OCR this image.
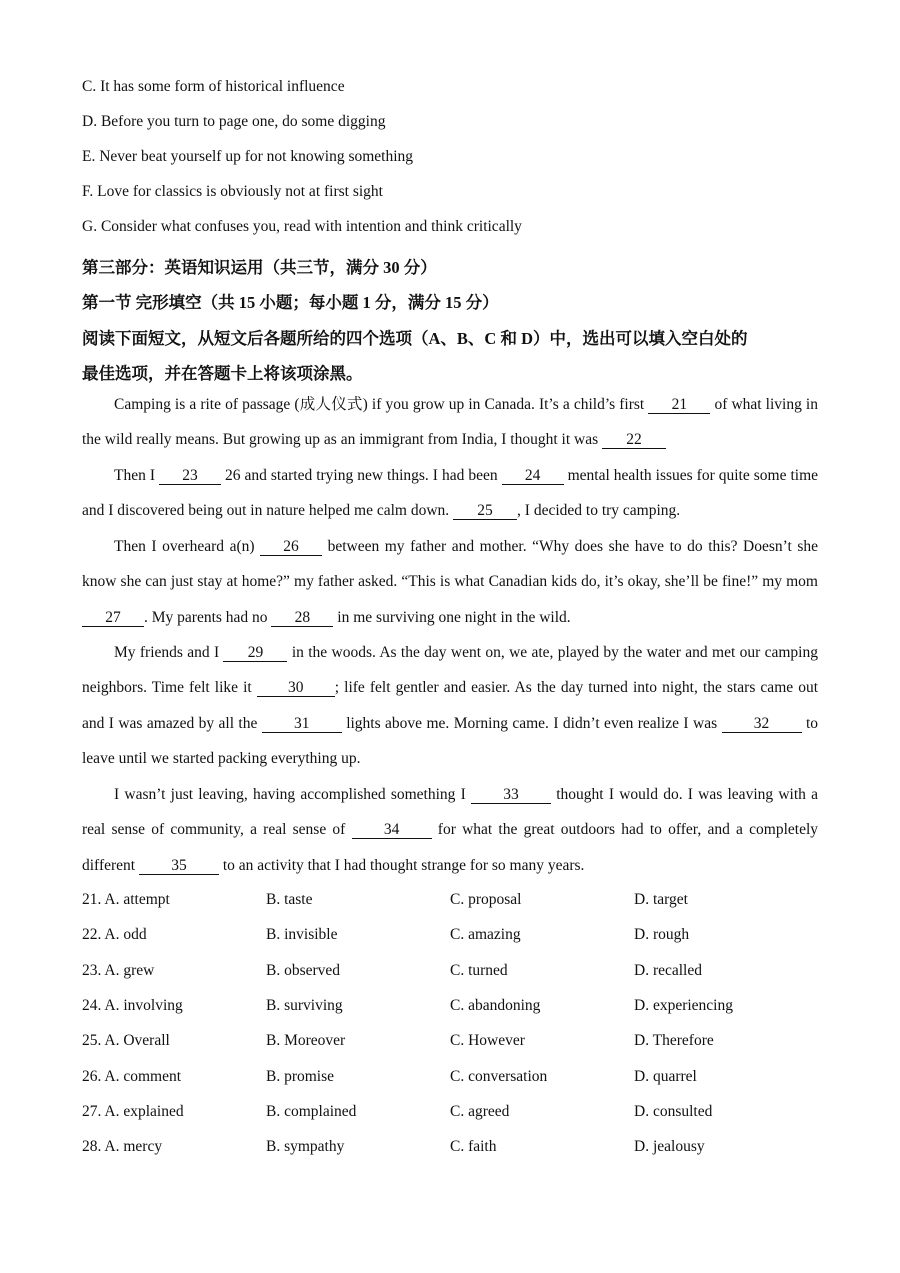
C. It has some form of historical influence
D. Before you turn to page one, do some digging
E. Never beat yourself up for not knowing something
F. Love for classics is obviously not at first sight
G. Consider what confuses you, read with intention and think critically
第三部分：英语知识运用（共三节，满分 30 分）
第一节 完形填空（共 15 小题；每小题 1 分，满分 15 分）
阅读下面短文，从短文后各题所给的四个选项（A、B、C 和 D）中，选出可以填入空白处的
最佳选项，并在答题卡上将该项涂黑。
Camping is a rite of passage (成人仪式) if you grow up in Canada. It’s a child’s first 21 of what living in the wild really means. But growing up as an immigrant from India, I thought it was 22
Then I 23 26 and started trying new things. I had been 24 mental health issues for quite some time and I discovered being out in nature helped me calm down. 25 , I decided to try camping.
Then I overheard a(n) 26 between my father and mother. “Why does she have to do this? Doesn’t she know she can just stay at home?” my father asked. “This is what Canadian kids do, it’s okay, she’ll be fine!” my mom 27 . My parents had no 28 in me surviving one night in the wild.
My friends and I 29 in the woods. As the day went on, we ate, played by the water and met our camping neighbors. Time felt like it 30 ; life felt gentler and easier. As the day turned into night, the stars came out and I was amazed by all the 31 lights above me. Morning came. I didn’t even realize I was 32 to leave until we started packing everything up.
I wasn’t just leaving, having accomplished something I 33 thought I would do. I was leaving with a real sense of community, a real sense of 34 for what the great outdoors had to offer, and a completely different 35 to an activity that I had thought strange for so many years.
21. A. attempt	B. taste	C. proposal	D. target
22. A. odd	B. invisible	C. amazing	D. rough
23. A. grew	B. observed	C. turned	D. recalled
24. A. involving	B. surviving	C. abandoning	D. experiencing
25. A. Overall	B. Moreover	C. However	D. Therefore
26. A. comment	B. promise	C. conversation	D. quarrel
27. A. explained	B. complained	C. agreed	D. consulted
28. A. mercy	B. sympathy	C. faith	D. jealousy
